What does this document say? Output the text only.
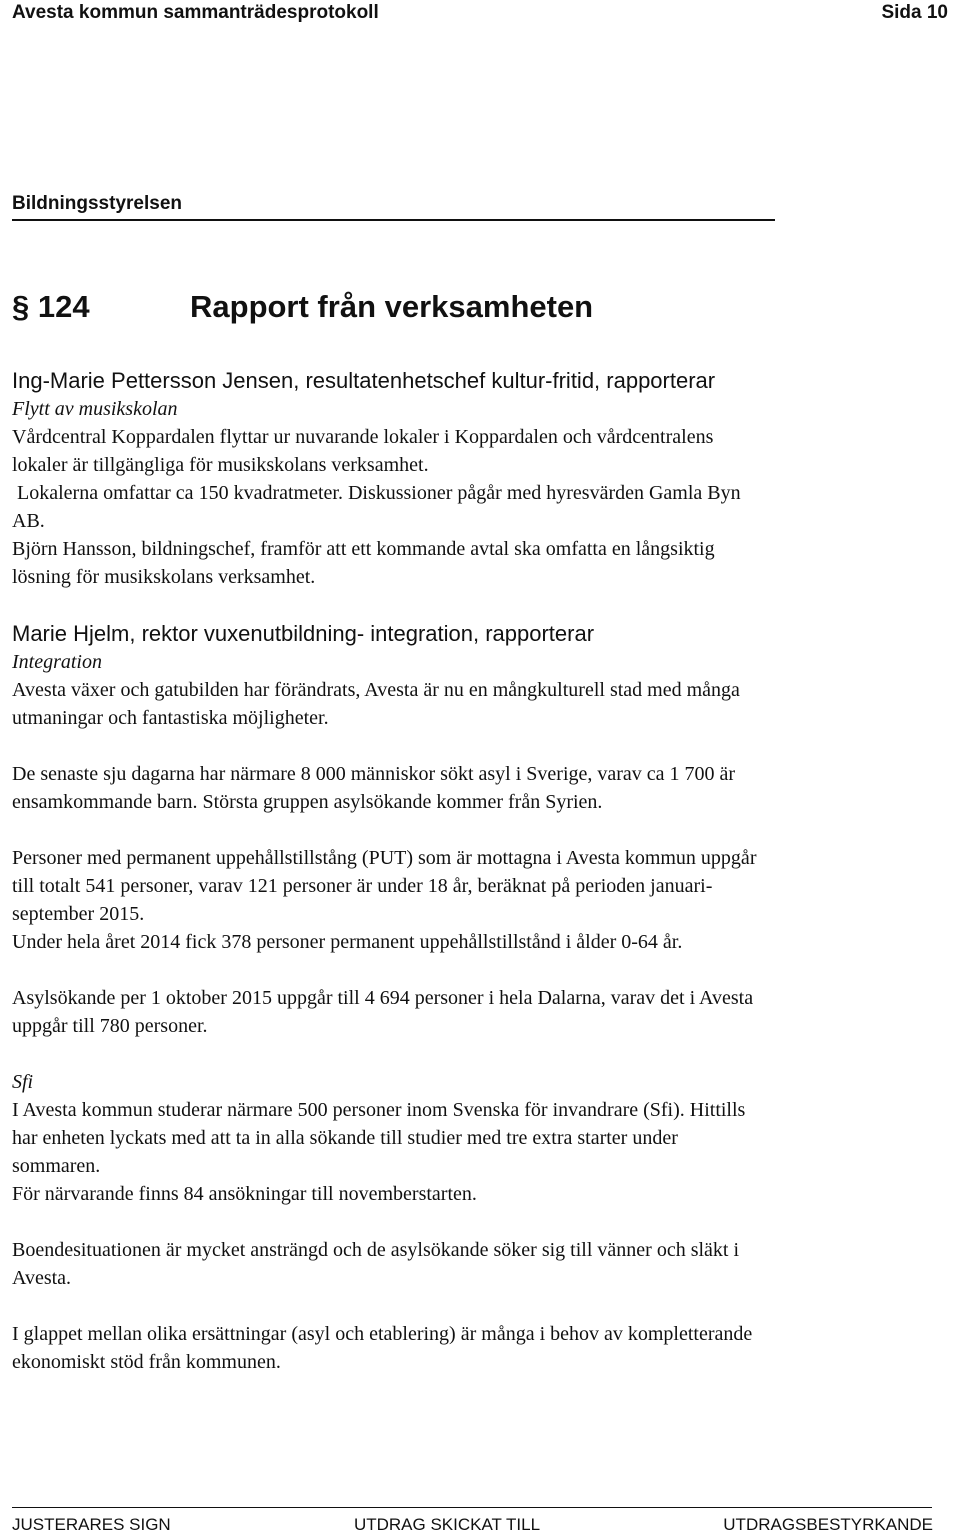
Avesta kommun sammanträdesprotokoll	Sida 10
Bildningsstyrelsen
§ 124	Rapport från verksamheten
Ing-Marie Pettersson Jensen, resultatenhetschef kultur-fritid, rapporterar
Flytt av musikskolan

Vårdcentral Koppardalen flyttar ur nuvarande lokaler i Koppardalen och vårdcentralens
lokaler är tillgängliga för musikskolans verksamhet.
Lokalerna omfattar ca 150 kvadratmeter. Diskussioner pågår med hyresvärden Gamla Byn
AB.
Björn Hansson, bildningschef, framför att ett kommande avtal ska omfatta en långsiktig
lösning för musikskolans verksamhet.

Marie Hjelm, rektor vuxenutbildning- integration, rapporterar
Integration

Avesta växer och gatubilden har förändrats, Avesta är nu en mångkulturell stad med många
utmaningar och fantastiska möjligheter.

De senaste sju dagarna har närmare 8 000 människor sökt asyl i Sverige, varav ca 1 700 är
ensamkommande barn. Största gruppen asylsökande kommer från Syrien.

Personer med permanent uppehållstillstång (PUT) som är mottagna i Avesta kommun uppgår
till totalt 541 personer, varav 121 personer är under 18 år, beräknat på perioden januari-
september 2015.
Under hela året 2014 fick 378 personer permanent uppehållstillstånd i ålder 0-64 år.

Asylsökande per 1 oktober 2015 uppgår till 4 694 personer i hela Dalarna, varav det i Avesta
uppgår till 780 personer.

Sfi

I Avesta kommun studerar närmare 500 personer inom Svenska för invandrare (Sfi). Hittills
har enheten lyckats med att ta in alla sökande till studier med tre extra starter under
sommaren.
För närvarande finns 84 ansökningar till novemberstarten.

Boendesituationen är mycket ansträngd och de asylsökande söker sig till vänner och släkt i
Avesta.

I glappet mellan olika ersättningar (asyl och etablering) är många i behov av kompletterande
ekonomiskt stöd från kommunen.

JUSTERARES SIGN	UTDRAG SKICKAT TILL	UTDRAGSBESTYRKANDE
